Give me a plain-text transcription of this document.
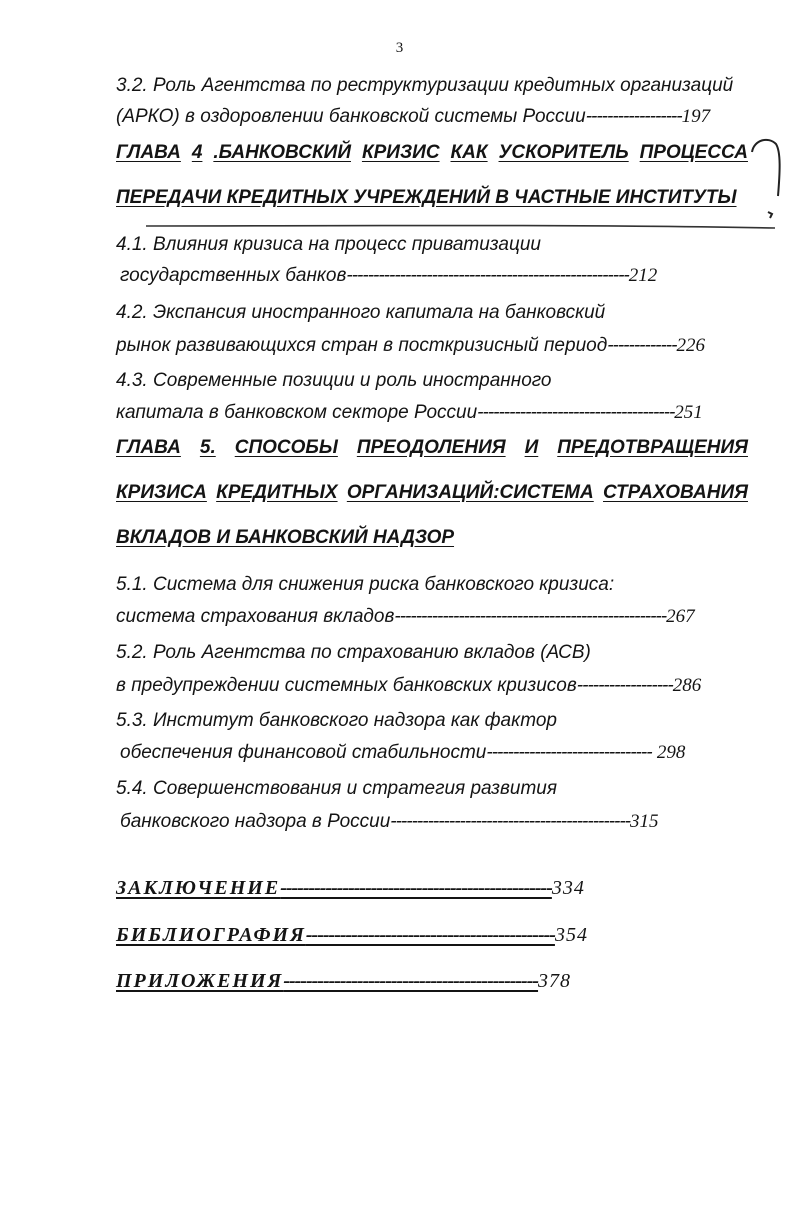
3
3.2. Роль Агентства по реструктуризации кредитных организаций
(АРКО) в оздоровлении банковской системы России------------------197
ГЛАВА 4 .БАНКОВСКИЙ КРИЗИС КАК УСКОРИТЕЛЬ ПРОЦЕССА
ПЕРЕДАЧИ КРЕДИТНЫХ УЧРЕЖДЕНИЙ В ЧАСТНЫЕ ИНСТИТУТЫ
4.1. Влияния кризиса на процесс приватизации
государственных банков-----------------------------------------------------212
4.2. Экспансия иностранного капитала на банковский
рынок развивающихся стран в посткризисный период-------------226
4.3. Современные позиции и роль иностранного
капитала в банковском секторе России-------------------------------------251
ГЛАВА 5. СПОСОБЫ ПРЕОДОЛЕНИЯ И ПРЕДОТВРАЩЕНИЯ
КРИЗИСА КРЕДИТНЫХ ОРГАНИЗАЦИЙ:СИСТЕМА СТРАХОВАНИЯ
ВКЛАДОВ И БАНКОВСКИЙ НАДЗОР
5.1. Система для снижения риска банковского кризиса:
система страхования вкладов---------------------------------------------------267
5.2. Роль Агентства по страхованию вкладов (АСВ)
в предупреждении системных банковских кризисов------------------286
5.3. Институт банковского надзора как фактор
обеспечения финансовой стабильности------------------------------- 298
5.4. Совершенствования и стратегия развития
банковского надзора в России---------------------------------------------315
ЗАКЛЮЧЕНИЕ------------------------------------------------334
БИБЛИОГРАФИЯ--------------------------------------------354
ПРИЛОЖЕНИЯ---------------------------------------------378
